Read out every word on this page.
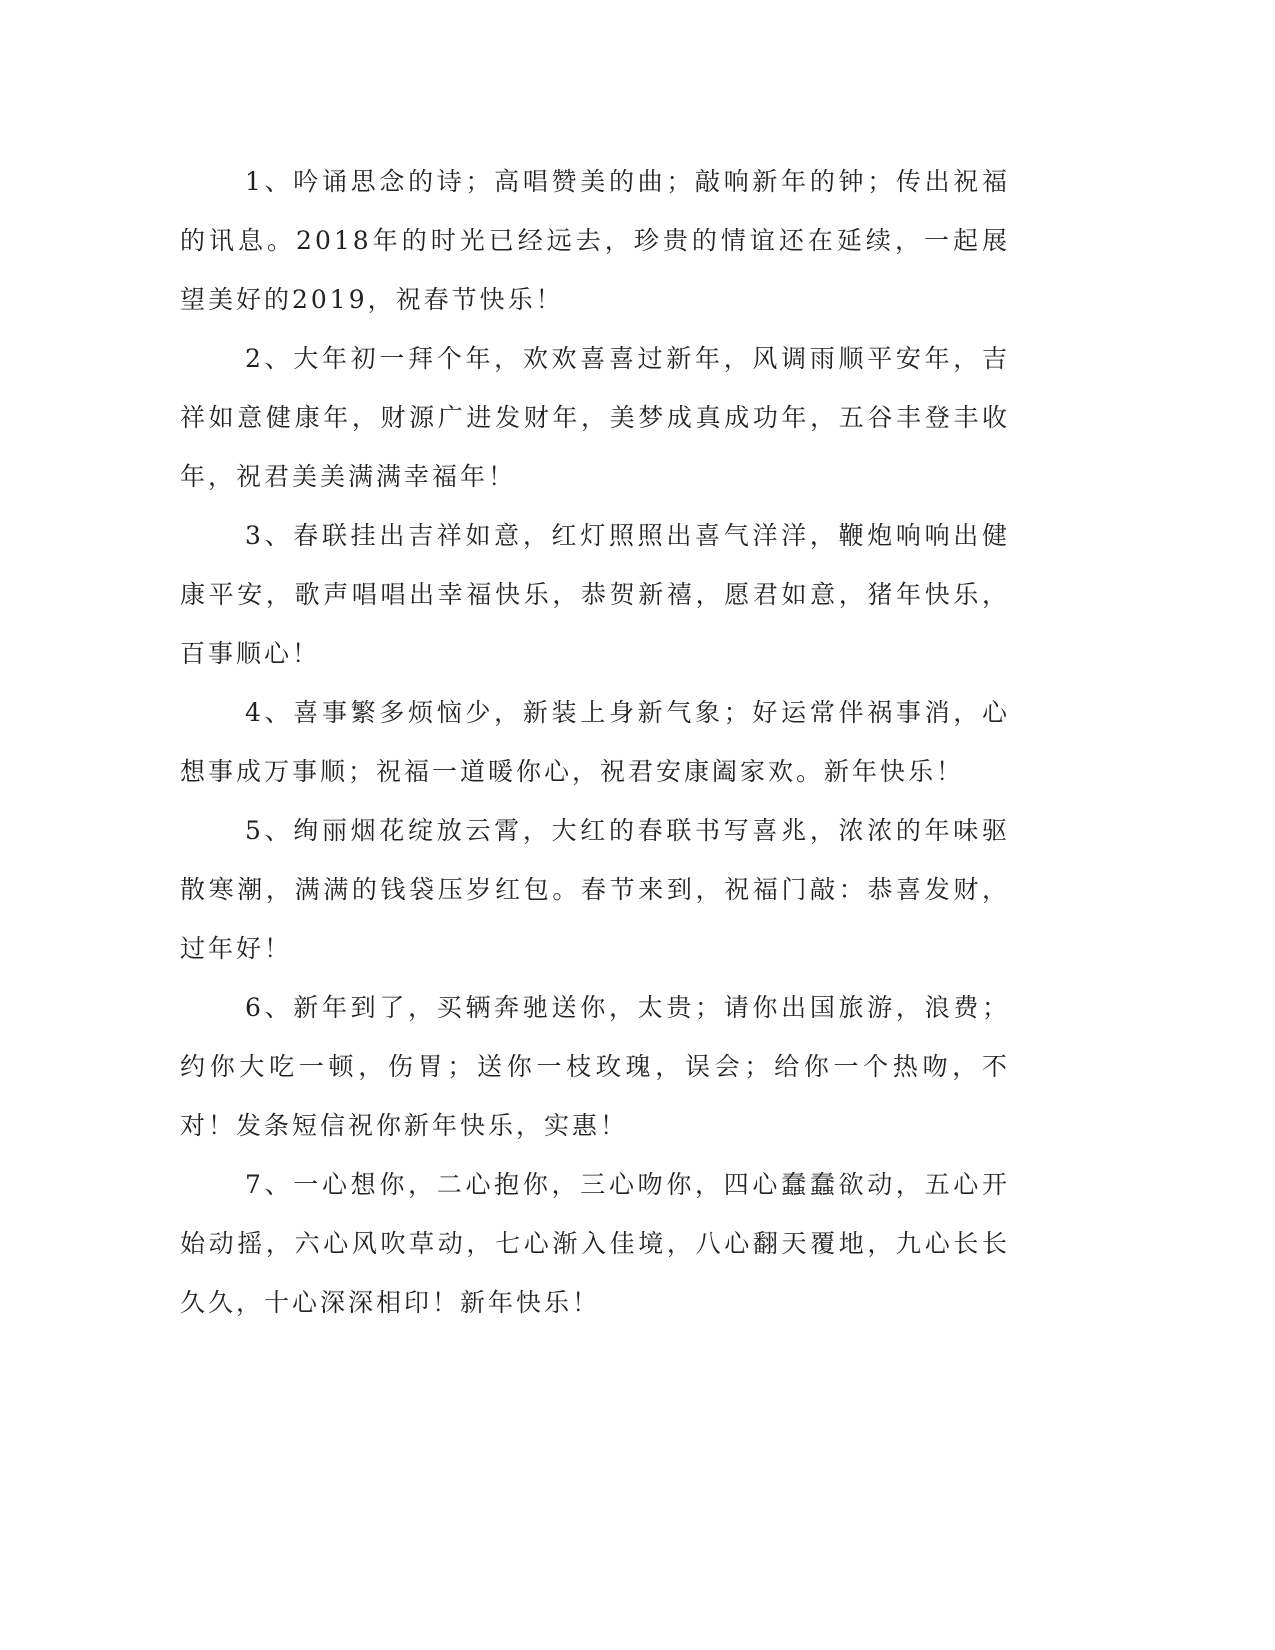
1、吟诵思念的诗；高唱赞美的曲；敲响新年的钟；传出祝福的讯息。2018年的时光已经远去，珍贵的情谊还在延续，一起展望美好的2019，祝春节快乐！

2、大年初一拜个年，欢欢喜喜过新年，风调雨顺平安年，吉祥如意健康年，财源广进发财年，美梦成真成功年，五谷丰登丰收年，祝君美美满满幸福年！

3、春联挂出吉祥如意，红灯照照出喜气洋洋，鞭炮响响出健康平安，歌声唱唱出幸福快乐，恭贺新禧，愿君如意，猪年快乐，百事顺心！

4、喜事繁多烦恼少，新装上身新气象；好运常伴祸事消，心想事成万事顺；祝福一道暖你心，祝君安康阖家欢。新年快乐！

5、绚丽烟花绽放云霄，大红的春联书写喜兆，浓浓的年味驱散寒潮，满满的钱袋压岁红包。春节来到，祝福门敲：恭喜发财，过年好！

6、新年到了，买辆奔驰送你，太贵；请你出国旅游，浪费；约你大吃一顿，伤胃；送你一枝玫瑰，误会；给你一个热吻，不对！发条短信祝你新年快乐，实惠！

7、一心想你，二心抱你，三心吻你，四心蠢蠢欲动，五心开始动摇，六心风吹草动，七心渐入佳境，八心翻天覆地，九心长长久久，十心深深相印！新年快乐！
